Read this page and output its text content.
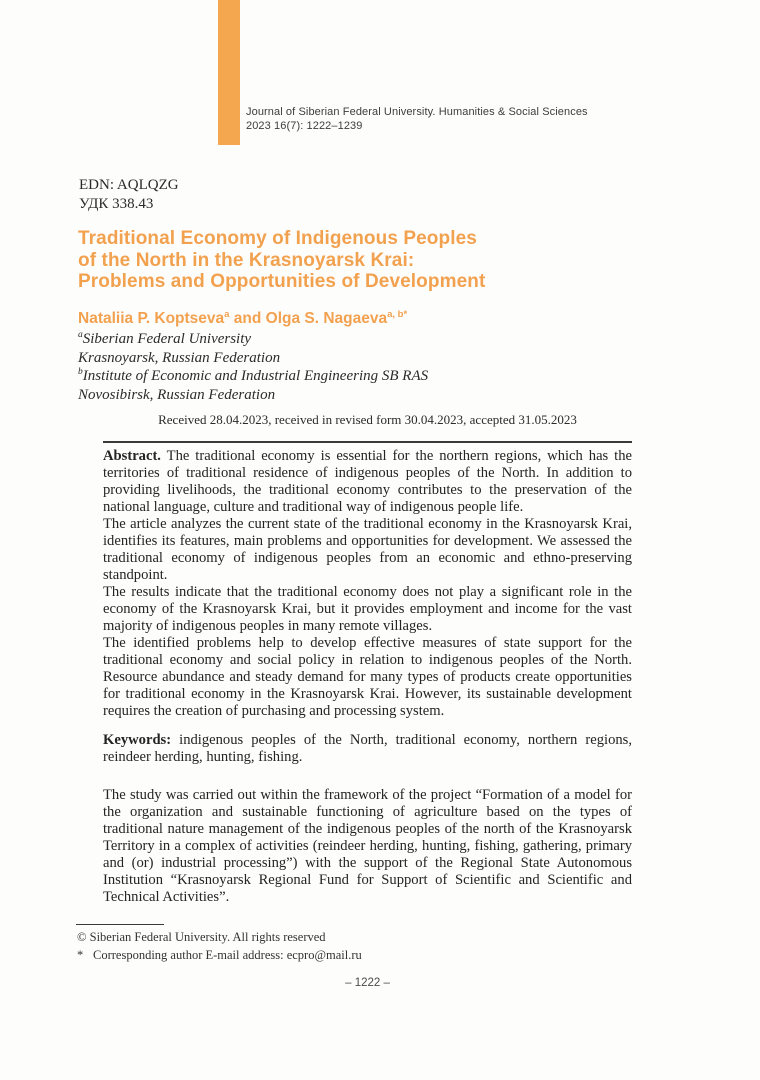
Journal of Siberian Federal University. Humanities & Social Sciences
2023 16(7): 1222–1239
EDN: AQLQZG
УДК 338.43
Traditional Economy of Indigenous Peoples
of the North in the Krasnoyarsk Krai:
Problems and Opportunities of Development
Nataliia P. Koptseva$^a$ and Olga S. Nagaeva$^{a, b*}$
$^a$Siberian Federal University
Krasnoyarsk, Russian Federation
$^b$Institute of Economic and Industrial Engineering SB RAS
Novosibirsk, Russian Federation
Received 28.04.2023, received in revised form 30.04.2023, accepted 31.05.2023

Abstract. The traditional economy is essential for the northern regions, which has the territories of traditional residence of indigenous peoples of the North. In addition to providing livelihoods, the traditional economy contributes to the preservation of the national language, culture and traditional way of indigenous people life.

The article analyzes the current state of the traditional economy in the Krasnoyarsk Krai, identifies its features, main problems and opportunities for development. We assessed the traditional economy of indigenous peoples from an economic and ethno-preserving standpoint.

The results indicate that the traditional economy does not play a significant role in the economy of the Krasnoyarsk Krai, but it provides employment and income for the vast majority of indigenous peoples in many remote villages.

The identified problems help to develop effective measures of state support for the traditional economy and social policy in relation to indigenous peoples of the North. Resource abundance and steady demand for many types of products create opportunities for traditional economy in the Krasnoyarsk Krai. However, its sustainable development requires the creation of purchasing and processing system.

Keywords: indigenous peoples of the North, traditional economy, northern regions, reindeer herding, hunting, fishing.

The study was carried out within the framework of the project “Formation of a model for the organization and sustainable functioning of agriculture based on the types of traditional nature management of the indigenous peoples of the north of the Krasnoyarsk Territory in a complex of activities (reindeer herding, hunting, fishing, gathering, primary and (or) industrial processing”) with the support of the Regional State Autonomous Institution “Krasnoyarsk Regional Fund for Support of Scientific and Scientific and Technical Activities”.

© Siberian Federal University. All rights reserved
* Corresponding author E-mail address: ecpro@mail.ru
– 1222 –
